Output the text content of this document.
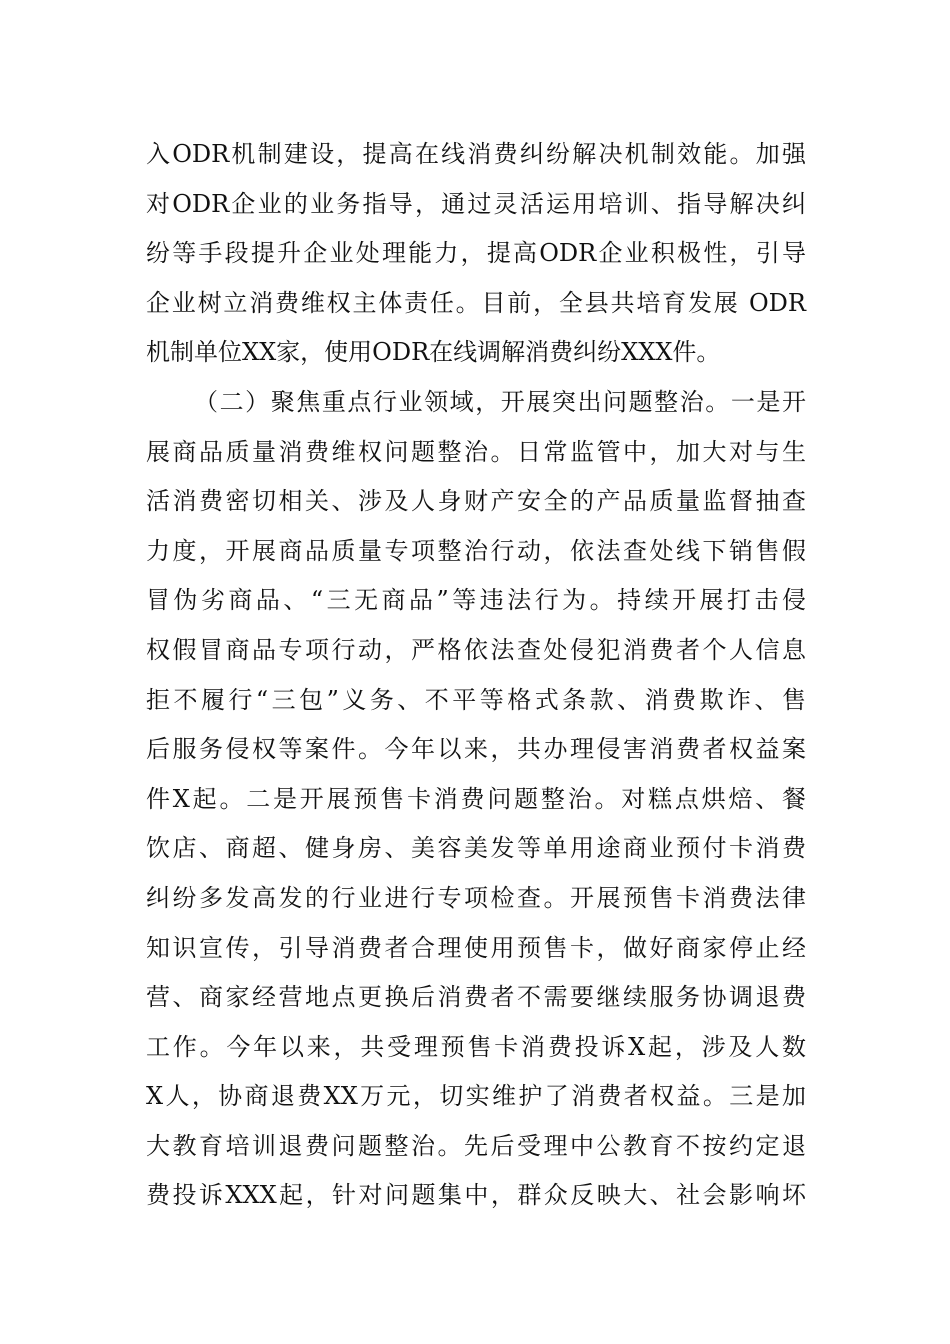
入ODR机制建设，提高在线消费纠纷解决机制效能。加强
对ODR企业的业务指导，通过灵活运用培训、指导解决纠
纷等手段提升企业处理能力，提高ODR企业积极性，引导
企业树立消费维权主体责任。目前，全县共培育发展 ODR
机制单位XX家，使用ODR在线调解消费纠纷XXX件。
（二）聚焦重点行业领域，开展突出问题整治。一是开
展商品质量消费维权问题整治。日常监管中，加大对与生
活消费密切相关、涉及人身财产安全的产品质量监督抽查
力度，开展商品质量专项整治行动，依法查处线下销售假
冒伪劣商品、“三无商品”等违法行为。持续开展打击侵
权假冒商品专项行动，严格依法查处侵犯消费者个人信息
拒不履行“三包”义务、不平等格式条款、消费欺诈、售
后服务侵权等案件。今年以来，共办理侵害消费者权益案
件X起。二是开展预售卡消费问题整治。对糕点烘焙、餐
饮店、商超、健身房、美容美发等单用途商业预付卡消费
纠纷多发高发的行业进行专项检查。开展预售卡消费法律
知识宣传，引导消费者合理使用预售卡，做好商家停止经
营、商家经营地点更换后消费者不需要继续服务协调退费
工作。今年以来，共受理预售卡消费投诉X起，涉及人数
X人，协商退费XX万元，切实维护了消费者权益。三是加
大教育培训退费问题整治。先后受理中公教育不按约定退
费投诉XXX起，针对问题集中，群众反映大、社会影响坏
